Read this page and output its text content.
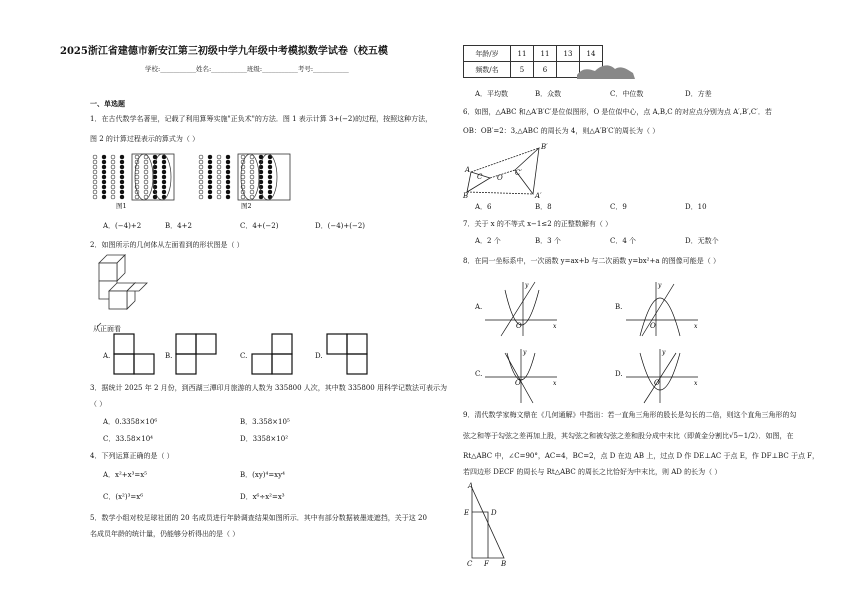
2025浙江省建德市新安江第三初级中学九年级中考模拟数学试卷（校五模
学校:___________姓名:___________班级:___________考号:___________
一、单选题
1．在古代数学名著里，记载了利用算筹实施"正负术"的方法．图 1 表示计算 3+(−2)的过程，按照这种方法，
图 2 的计算过程表示的算式为（ ）
图1	图2
A．(−4)+2	B．4+2	C．4+(−2)	D．(−4)+(−2)
2．如图所示的几何体从左面看到的形状图是（ ）
从正面看
A.	B.	C.	D.
3．据统计 2025 年 2 月份，到西湖三潭印月旅游的人数为 335800 人次，其中数 335800 用科学记数法可表示为
（ ）
A．0.3358×10⁶	B．3.358×10⁵
C．33.58×10⁴	D．3358×10²
4．下列运算正确的是（ ）
A．x²+x³=x⁵	B．(xy)⁴=xy⁴
C．(x²)³=x⁶	D．x⁶÷x²=x³
5．数学小组对校足球社团的 20 名成员进行年龄调查结果如图所示．其中有部分数据被墨迹遮挡，关于这 20
名成员年龄的统计量，仍能够分析得出的是（ ）
年龄/岁	11	11	13	14
频数/名	5	6		
A．平均数	B．众数	C．中位数	D．方差
6．如图，△ABC 和△A′B′C′是位似图形，O 是位似中心，点 A,B,C 的对应点分别为点 A′,B′,C′．若
OB：OB′=2：3,△ABC 的周长为 4，则△A′B′C′的周长为（ ）
B′
A
C O
C′
B	A′
A．6	B．8	C．9	D．10
7．关于 x 的不等式 x−1≤2 的正整数解有（ ）
A．2 个	B．3 个	C．4 个	D．无数个
8．在同一坐标系中，一次函数 y=ax+b 与二次函数 y=bx²+a 的图像可能是（ ）
A.	B.
C.	D.
O
y
x	O
y
x
O
y
x	O
y
x
9．清代数学家梅文鼎在《几何通解》中指出：若一直角三角形的股长是勾长的二倍，则这个直角三角形的勾
弦之和等于勾弦之差再加上股，其勾弦之和被勾弦之差和股分成中末比（即黄金分割比√5−1/2）．如图，在
Rt△ABC 中，∠C=90°，AC=4，BC=2，点 D 在边 AB 上，过点 D 作 DE⊥AC 于点 E，作 DF⊥BC 于点 F，
若四边形 DECF 的周长与 Rt△ABC 的周长之比恰好为中末比，则 AD 的长为（ ）
A
E	D
C F B
